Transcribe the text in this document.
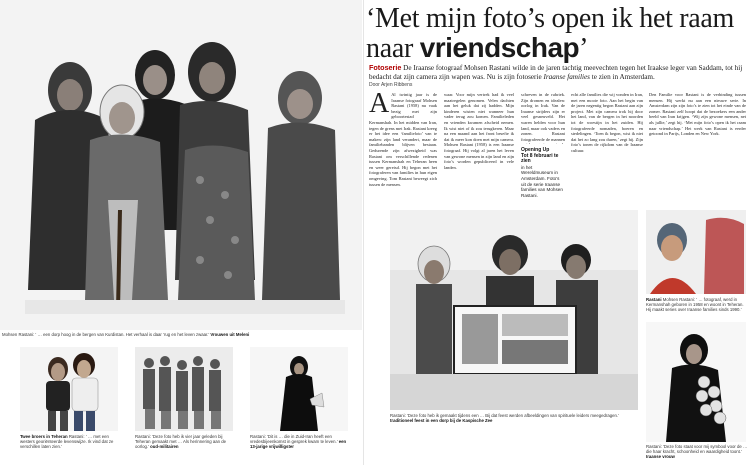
Mohsen Rastani: ‘ … een dorp hoog in de bergen van Kurdistan. Het verhaal is daar ‘rug en het leven zwaar.’ Vrouwen uit Meleni
Twee broers in Teheran Rastani: ‘ … met een westers georiënteerde levenswijze. Ik vind dat ze verschillen laten zien.’
Rastani: ‘Deze foto heb ik vier jaar geleden bij Teheran gemaakt met … Als herinnering aan de oorlog.’ oud-militairen
Rastani: ‘Dit is … die in Zuid-Iran heeft een vredesbijeenkomst in gesprek kwam te leven.’ een 13-jarige vrijwilligster
‘Met mijn foto’s open ik het raam naar vriendschap’
Fotoserie De Iraanse fotograaf Mohsen Rastani wilde in de jaren tachtig meevechten tegen het Iraakse leger van Saddam, tot hij bedacht dat zijn camera zijn wapen was. Nu is zijn fotoserie Iraanse families te zien in Amsterdam.
Door Arjen Ribbens
A Al twintig jaar is de Iraanse fotograaf Mohsen Rastani (1958) nu vaak bezig met zijn geboortestad Kermanshah. In het midden van Iran, tegen de grens met Irak. Rastani kreeg er het idee een ‘familiefoto’ van te maken: zijn land verandert, maar de familiebanden blijven bestaan. Gedurende zijn afwezigheid was Rastani om verschillende redenen tussen Kermanshah en Teheran heen en weer gereisd. Hij begon met het fotograferen van families in hun eigen omgeving. Tom Rastani beweegt zich tussen de mensen.
waar. Voor mijn vertrek had ik veel maatregelen genomen. Velen dachten aan het geluk dat zij hadden. Mijn kinderen wisten niet wanneer hun vader terug zou komen. Familieleden en vrienden kwamen afscheid nemen. Ik wist niet of ik zou terugkeren. Maar na een maand aan het front besefte ik dat ik meer kon doen met mijn camera. Mohsen Rastani (1958) is een Iraanse fotograaf. Hij volgt al jaren het leven van gewone mensen in zijn land en zijn foto’s worden gepubliceerd in vele landen.
schreven in de rubriek. Zijn dromen en idealen: oorlog in Irak. Van de Iraanse strijders zijn er veel gesneuveld. Het waren helden voor hun land, maar ook vaders en zonen. Rastani fotografeerde de mannen
Opening Up
Tot 8 februari te zien
in het Wereldmuseum in Amsterdam. Foto’s uit de serie Iraanse families van Mohsen Rastani.
echt alle families die wij vonden in Iran, met een mooie foto. Aan het begin van de jaren negentig begon Rastani aan zijn project. Met zijn camera trok hij door het land, van de bergen in het noorden tot de woestijn in het zuiden. Hij fotografeerde nomaden, boeren en stedelingen. ‘Toen ik begon, wist ik niet dat het zo lang zou duren,’ zegt hij. Zijn foto’s tonen de rijkdom van de Iraanse cultuur.
Den Familie voor Rastani is de verbinding tussen mensen. Hij werkt nu aan een nieuwe serie. In Amsterdam zijn zijn foto’s te zien tot het einde van de zomer. Rastani zelf hoopt dat de bezoekers een ander beeld van Iran krijgen. ‘Wij zijn gewone mensen, net als jullie,’ zegt hij. ‘Met mijn foto’s open ik het raam naar vriendschap.’ Het werk van Rastani is eerder getoond in Parijs, Londen en New York.
Rastani: ‘Deze foto heb ik gemaakt tijdens een … Bij dat feest werden afbeeldingen van spirituele leiders meegedragen.’ traditioneel feest in een dorp bij de Kaspische Zee
Rastani Mohsen Rastani: ‘ … fotograaf, werd in Kermanshah geboren in 1958 en woont in Teheran. Hij maakt series over Iraanse families sinds 1990.’
Rastani: ‘Deze foto staat voor mij symbool voor de … die haar kracht, schoonheid en waardigheid toont.’ Iraanse vrouw
